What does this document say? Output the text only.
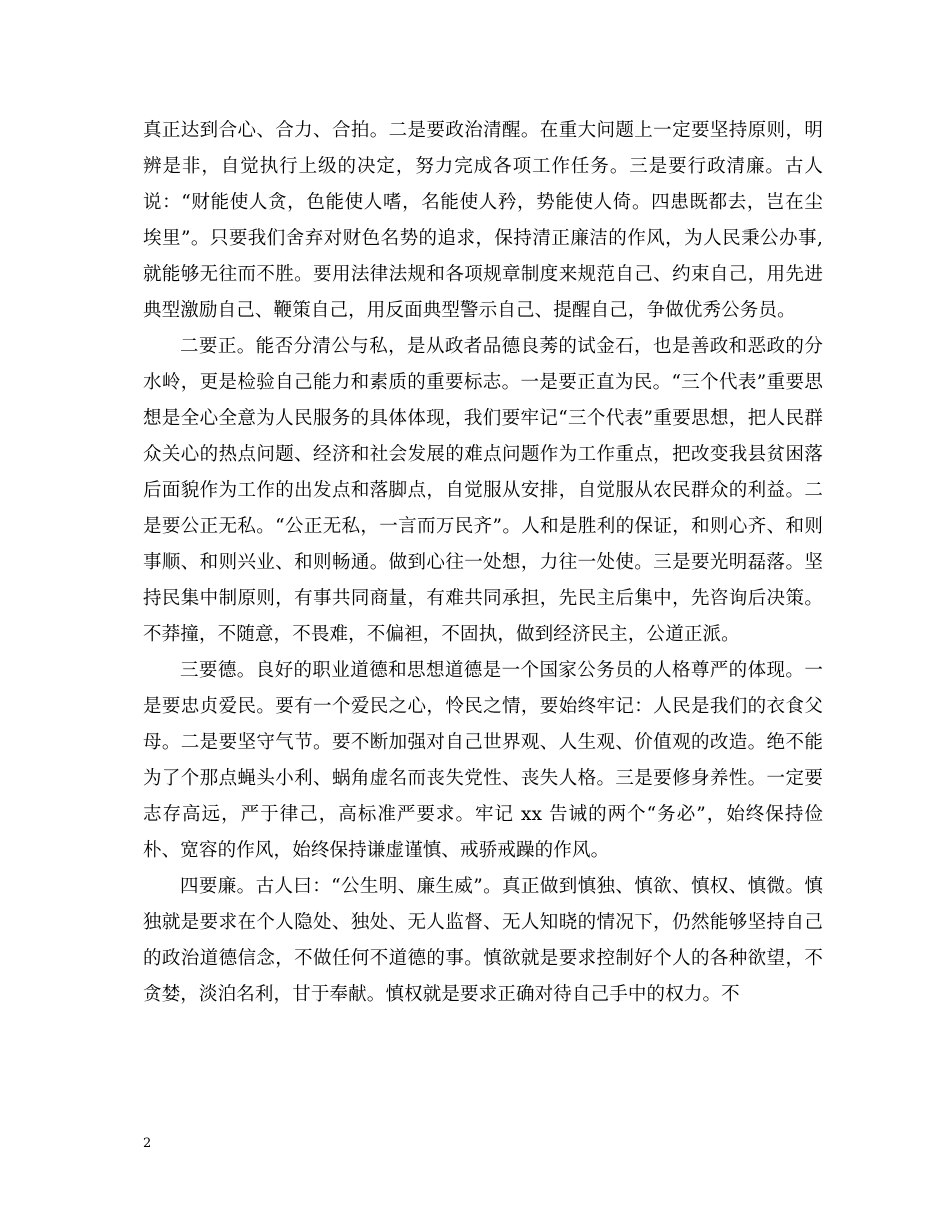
真正达到合心、合力、合拍。二是要政治清醒。在重大问题上一定要坚持原则，明辨是非，自觉执行上级的决定，努力完成各项工作任务。三是要行政清廉。古人说：“财能使人贪，色能使人嗜，名能使人矜，势能使人倚。四患既都去，岂在尘埃里”。只要我们舍弃对财色名势的追求，保持清正廉洁的作风，为人民秉公办事,就能够无往而不胜。要用法律法规和各项规章制度来规范自己、约束自己，用先进典型激励自己、鞭策自己，用反面典型警示自己、提醒自己，争做优秀公务员。

二要正。能否分清公与私，是从政者品德良莠的试金石，也是善政和恶政的分水岭，更是检验自己能力和素质的重要标志。一是要正直为民。“三个代表”重要思想是全心全意为人民服务的具体体现，我们要牢记“三个代表”重要思想，把人民群众关心的热点问题、经济和社会发展的难点问题作为工作重点，把改变我县贫困落后面貌作为工作的出发点和落脚点，自觉服从安排，自觉服从农民群众的利益。二是要公正无私。“公正无私，一言而万民齐”。人和是胜利的保证，和则心齐、和则事顺、和则兴业、和则畅通。做到心往一处想，力往一处使。三是要光明磊落。坚持民集中制原则，有事共同商量，有难共同承担，先民主后集中，先咨询后决策。不莽撞，不随意，不畏难，不偏袒，不固执，做到经济民主，公道正派。

三要德。良好的职业道德和思想道德是一个国家公务员的人格尊严的体现。一是要忠贞爱民。要有一个爱民之心，怜民之情，要始终牢记：人民是我们的衣食父母。二是要坚守气节。要不断加强对自己世界观、人生观、价值观的改造。绝不能为了个那点蝇头小利、蜗角虚名而丧失党性、丧失人格。三是要修身养性。一定要志存高远，严于律己，高标准严要求。牢记 xx 告诫的两个“务必”，始终保持俭朴、宽容的作风，始终保持谦虚谨慎、戒骄戒躁的作风。

四要廉。古人曰：“公生明、廉生威”。真正做到慎独、慎欲、慎权、慎微。慎独就是要求在个人隐处、独处、无人监督、无人知晓的情况下，仍然能够坚持自己的政治道德信念，不做任何不道德的事。慎欲就是要求控制好个人的各种欲望，不贪婪，淡泊名利，甘于奉献。慎权就是要求正确对待自己手中的权力。不

2
